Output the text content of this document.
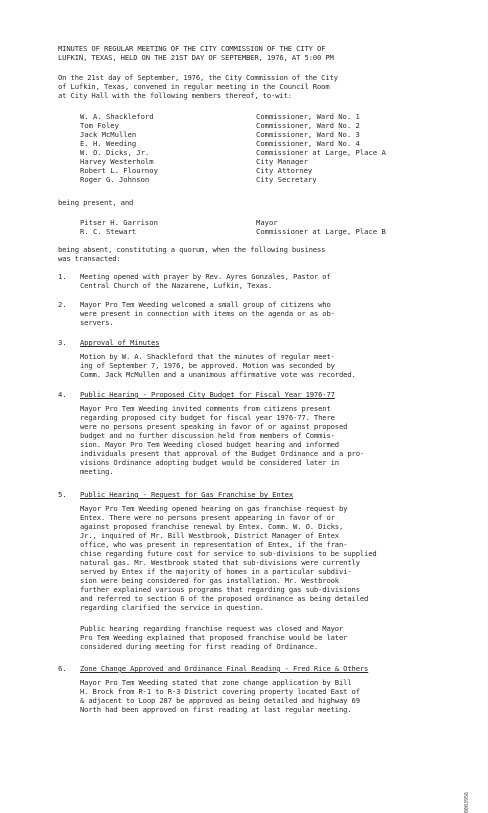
MINUTES OF REGULAR MEETING OF THE CITY COMMISSION OF THE CITY OF
LUFKIN, TEXAS, HELD ON THE 21ST DAY OF SEPTEMBER, 1976, AT 5:00 PM
On the 21st day of September, 1976, the City Commission of the City
of Lufkin, Texas, convened in regular meeting in the Council Room
at City Hall with the following members thereof, to-wit:
W. A. Shackleford	Commissioner, Ward No. 1
Tom Foley	Commissioner, Ward No. 2
Jack McMullen	Commissioner, Ward No. 3
E. H. Weeding	Commissioner, Ward No. 4
W. O. Dicks, Jr.	Commissioner at Large, Place A
Harvey Westerholm	City Manager
Robert L. Flournoy	City Attorney
Roger G. Johnson	City Secretary
being present, and
Pitser H. Garrison	Mayor
R. C. Stewart	Commissioner at Large, Place B
being absent, constituting a quorum, when the following business
was transacted:
1. Meeting opened with prayer by Rev. Ayres Gonzales, Pastor of
Central Church of the Nazarene, Lufkin, Texas.
2. Mayor Pro Tem Weeding welcomed a small group of citizens who
were present in connection with items on the agenda or as ob-
servers.
3. Approval of Minutes
Motion by W. A. Shackleford that the minutes of regular meet-
ing of September 7, 1976, be approved. Motion was seconded by
Comm. Jack McMullen and a unanimous affirmative vote was recorded.
4. Public Hearing - Proposed City Budget for Fiscal Year 1976-77
Mayor Pro Tem Weeding invited comments from citizens present
regarding proposed city budget for fiscal year 1976-77. There
were no persons present speaking in favor of or against proposed
budget and no further discussion held from members of Commis-
sion. Mayor Pro Tem Weeding closed budget hearing and informed
individuals present that approval of the Budget Ordinance and a pro-
visions Ordinance adopting budget would be considered later in
meeting.
5. Public Hearing - Request for Gas Franchise by Entex
Mayor Pro Tem Weeding opened hearing on gas franchise request by
Entex. There were no persons present appearing in favor of or
against proposed franchise renewal by Entex. Comm. W. O. Dicks,
Jr., inquired of Mr. Bill Westbrook, District Manager of Entex
office, who was present in representation of Entex, if the fran-
chise regarding future cost for service to sub-divisions to be supplied
natural gas. Mr. Westbrook stated that sub-divisions were currently
served by Entex if the majority of homes in a particular subdivi-
sion were being considered for gas installation. Mr. Westbrook
further explained various programs that regarding gas sub-divisions
and referred to section 6 of the proposed ordinance as being detailed
regarding clarified the service in question.
Public hearing regarding franchise request was closed and Mayor
Pro Tem Weeding explained that proposed franchise would be later
considered during meeting for first reading of Ordinance.
6. Zone Change Approved and Ordinance Final Reading - Fred Rice & Others
Mayor Pro Tem Weeding stated that zone change application by Bill
H. Brock from R-1 to R-3 District covering property located East of
& adjacent to Loop 287 be approved as being detailed and highway 69
North had been approved on first reading at last regular meeting.
0003956
